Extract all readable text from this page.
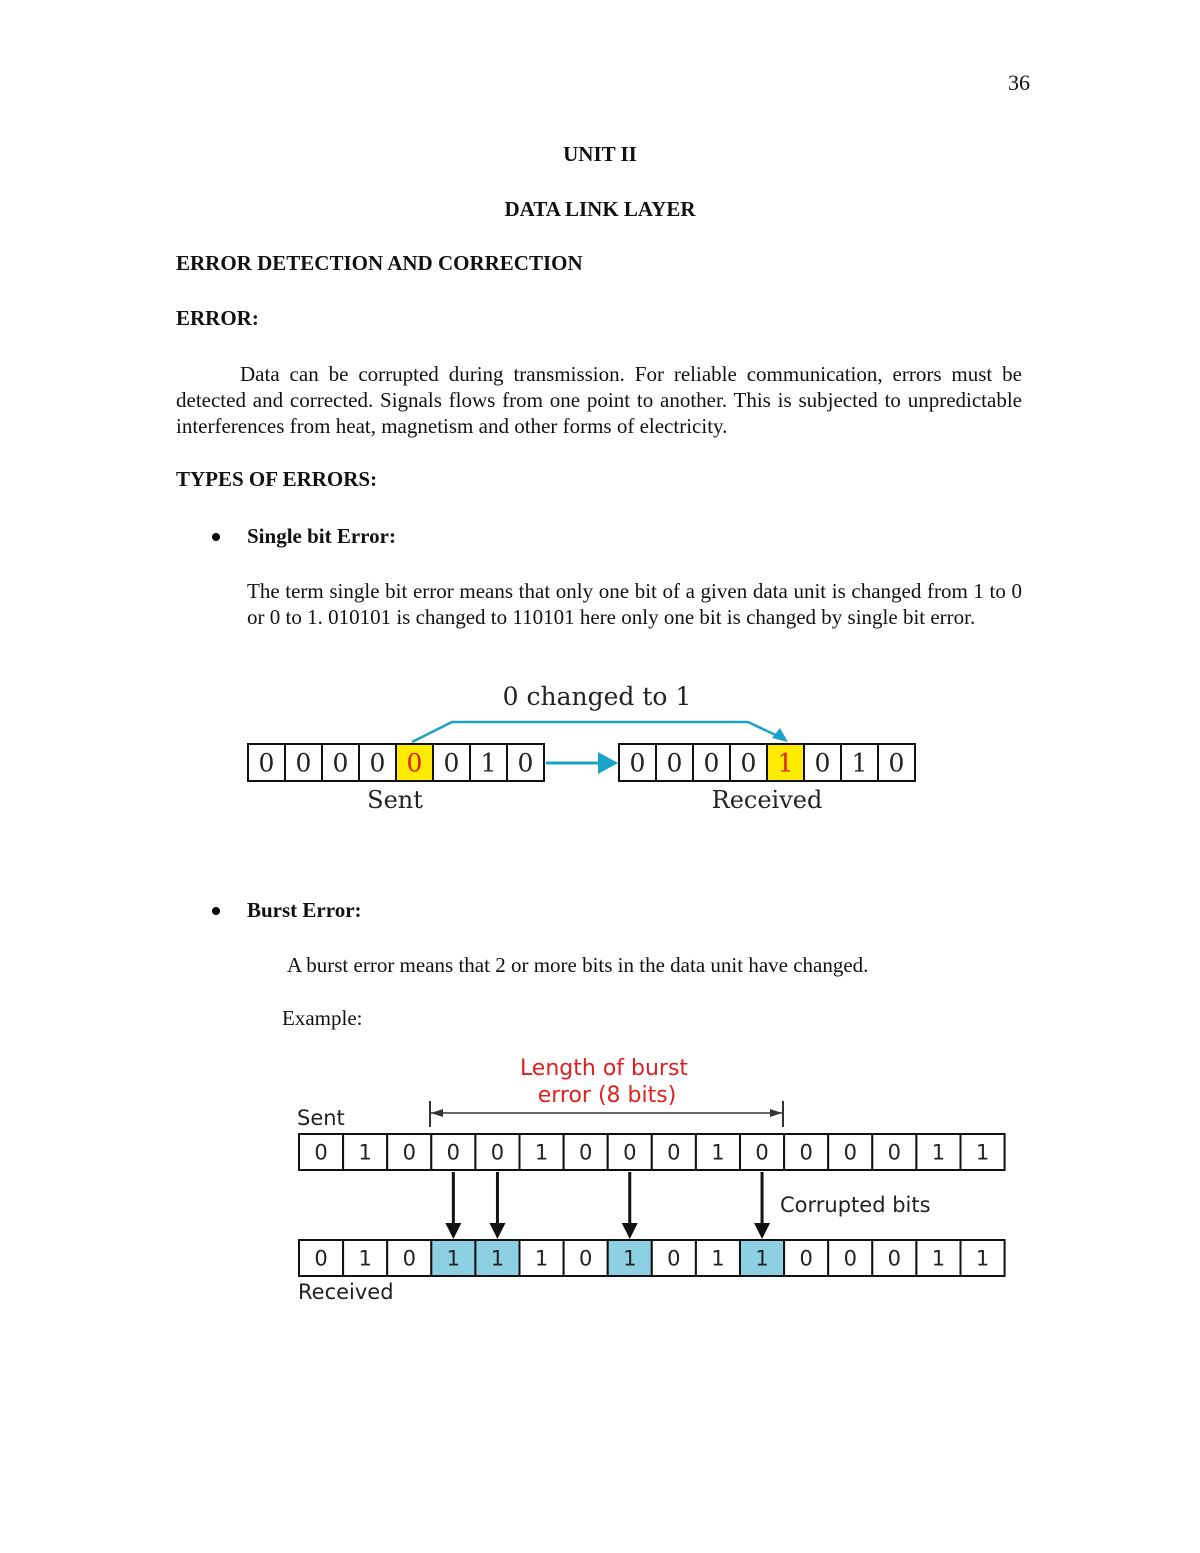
36
UNIT II
DATA LINK LAYER
ERROR DETECTION AND CORRECTION
ERROR:
Data can be corrupted during transmission. For reliable communication, errors must be detected and corrected. Signals flows from one point to another. This is subjected to unpredictable interferences from heat, magnetism and other forms of electricity.
TYPES OF ERRORS:
Single bit Error:
The term single bit error means that only one bit of a given data unit is changed from 1 to 0 or 0 to 1. 010101 is changed to 110101 here only one bit is changed by single bit error.
0 changed to 1
0 0 0 0 0 0 1 0	0 0 0 0 1 0 1 0
Sent	Received
Burst Error:
A burst error means that 2 or more bits in the data unit have changed.
Example:
Length of burst
error (8 bits)
Sent
0 1 0 0 0 1 0 0 0 1 0 0 0 0 1 1
Corrupted bits
0 1 0 1 1 1 0 1 0 1 1 0 0 0 1 1
Received
